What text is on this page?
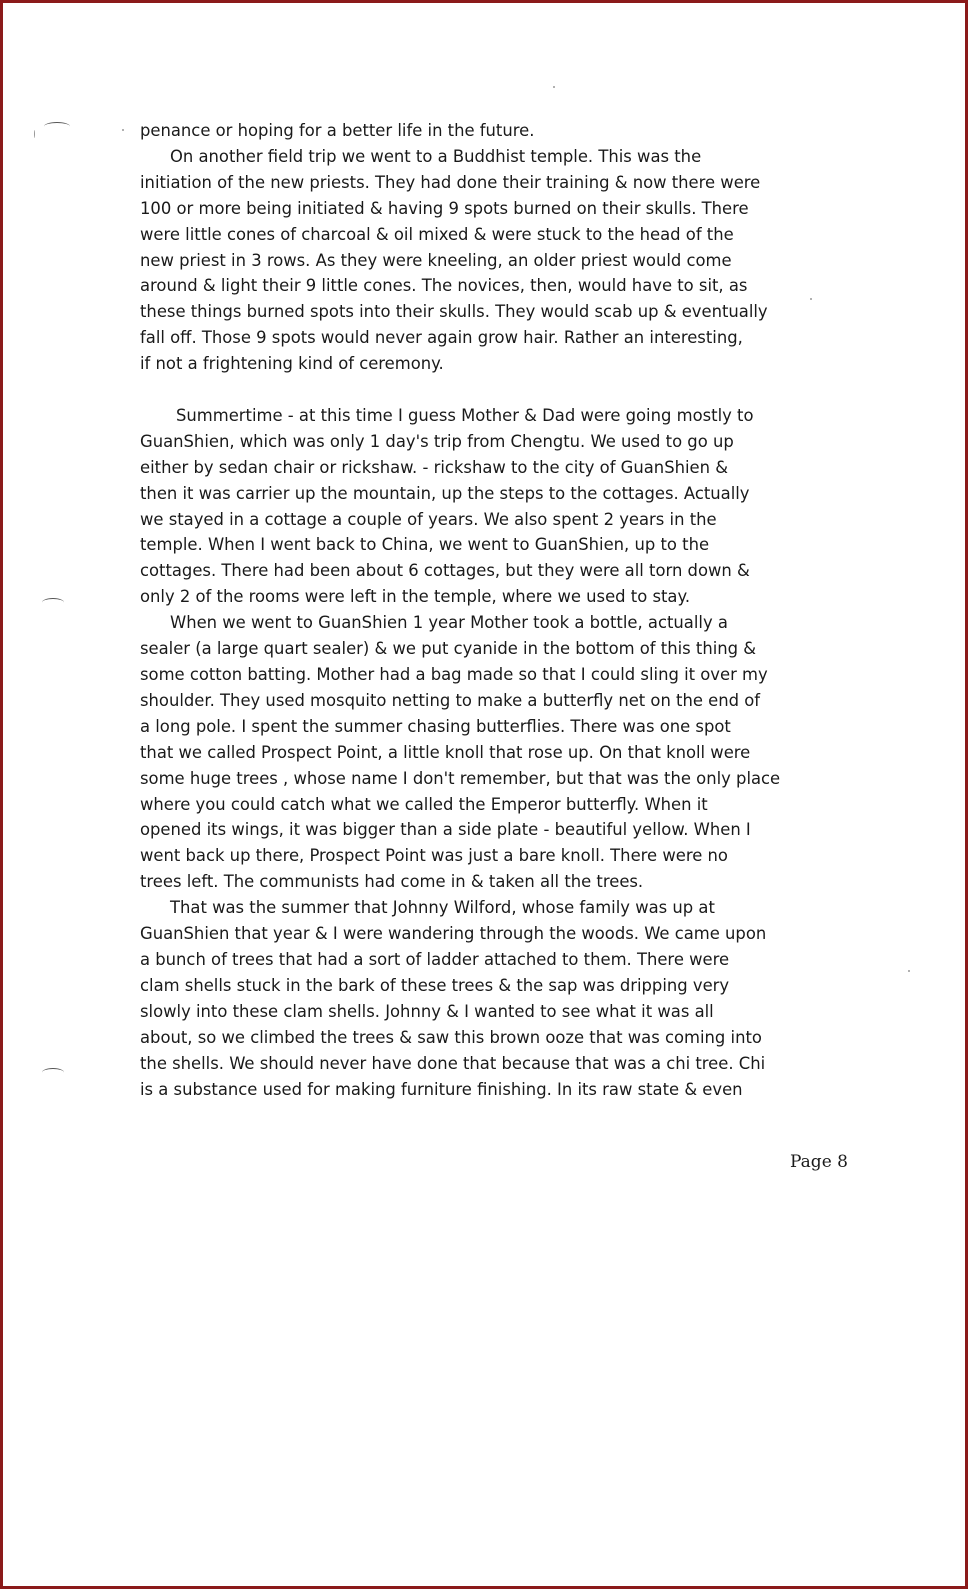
penance or hoping for a better life in the future.
On another field trip we went to a Buddhist temple. This was the
initiation of the new priests. They had done their training & now there were
100 or more being initiated & having 9 spots burned on their skulls. There
were little cones of charcoal & oil mixed & were stuck to the head of the
new priest in 3 rows. As they were kneeling, an older priest would come
around & light their 9 little cones. The novices, then, would have to sit, as
these things burned spots into their skulls. They would scab up & eventually
fall off. Those 9 spots would never again grow hair. Rather an interesting,
if not a frightening kind of ceremony.
Summertime - at this time I guess Mother & Dad were going mostly to
GuanShien, which was only 1 day's trip from Chengtu. We used to go up
either by sedan chair or rickshaw. - rickshaw to the city of GuanShien &
then it was carrier up the mountain, up the steps to the cottages. Actually
we stayed in a cottage a couple of years. We also spent 2 years in the
temple. When I went back to China, we went to GuanShien, up to the
cottages. There had been about 6 cottages, but they were all torn down &
only 2 of the rooms were left in the temple, where we used to stay.
When we went to GuanShien 1 year Mother took a bottle, actually a
sealer (a large quart sealer) & we put cyanide in the bottom of this thing &
some cotton batting. Mother had a bag made so that I could sling it over my
shoulder. They used mosquito netting to make a butterfly net on the end of
a long pole. I spent the summer chasing butterflies. There was one spot
that we called Prospect Point, a little knoll that rose up. On that knoll were
some huge trees , whose name I don't remember, but that was the only place
where you could catch what we called the Emperor butterfly. When it
opened its wings, it was bigger than a side plate - beautiful yellow. When I
went back up there, Prospect Point was just a bare knoll. There were no
trees left. The communists had come in & taken all the trees.
That was the summer that Johnny Wilford, whose family was up at
GuanShien that year & I were wandering through the woods. We came upon
a bunch of trees that had a sort of ladder attached to them. There were
clam shells stuck in the bark of these trees & the sap was dripping very
slowly into these clam shells. Johnny & I wanted to see what it was all
about, so we climbed the trees & saw this brown ooze that was coming into
the shells. We should never have done that because that was a chi tree. Chi
is a substance used for making furniture finishing. In its raw state & even
Page 8
